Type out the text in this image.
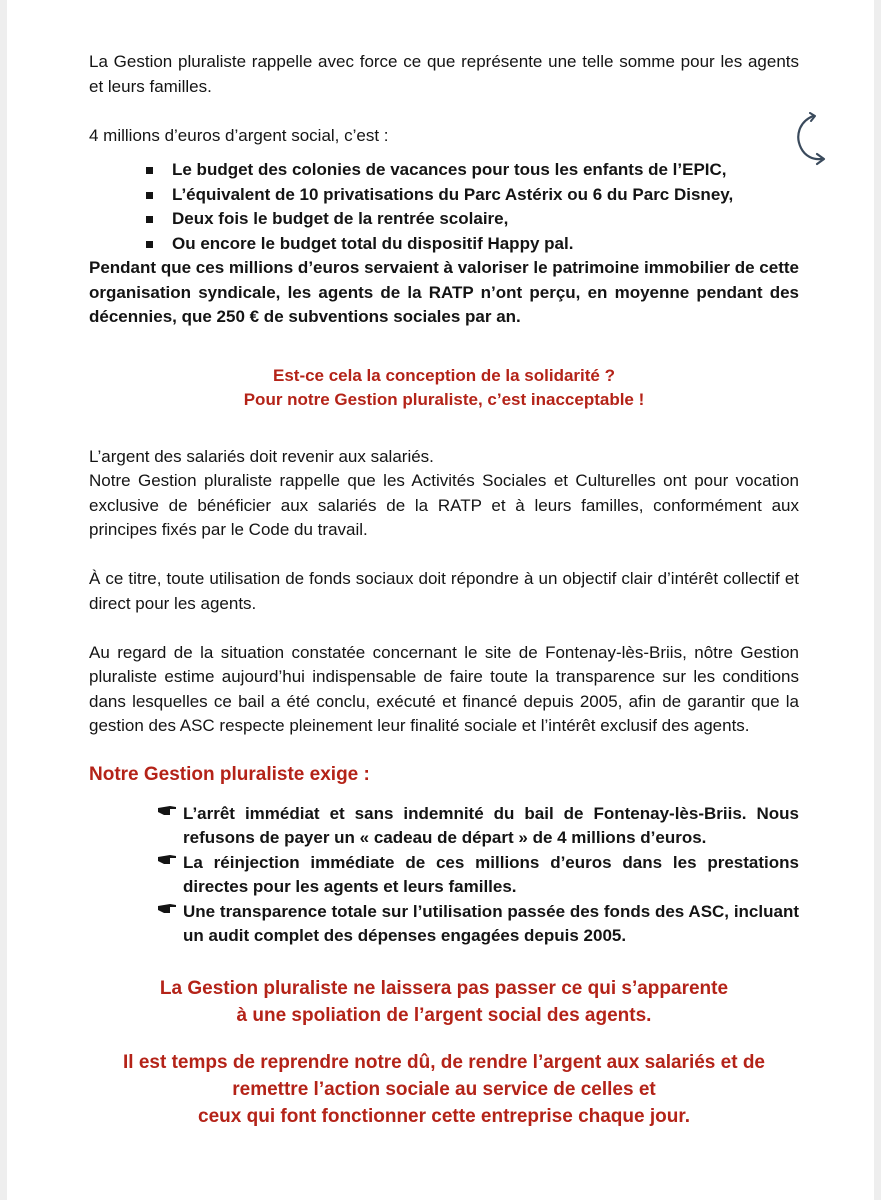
La Gestion pluraliste rappelle avec force ce que représente une telle somme pour les agents et leurs familles.

4 millions d’euros d’argent social, c’est :

Le budget des colonies de vacances pour tous les enfants de l’EPIC,
L’équivalent de 10 privatisations du Parc Astérix ou 6 du Parc Disney,
Deux fois le budget de la rentrée scolaire,
Ou encore le budget total du dispositif Happy pal.

Pendant que ces millions d’euros servaient à valoriser le patrimoine immobilier de cette organisation syndicale, les agents de la RATP n’ont perçu, en moyenne pendant des décennies, que 250 € de subventions sociales par an.

Est-ce cela la conception de la solidarité ?

Pour notre Gestion pluraliste, c’est inacceptable !

L’argent des salariés doit revenir aux salariés.

Notre Gestion pluraliste rappelle que les Activités Sociales et Culturelles ont pour vocation exclusive de bénéficier aux salariés de la RATP et à leurs familles, conformément aux principes fixés par le Code du travail.

À ce titre, toute utilisation de fonds sociaux doit répondre à un objectif clair d’intérêt collectif et direct pour les agents.

Au regard de la situation constatée concernant le site de Fontenay-lès-Briis, nôtre Gestion pluraliste estime aujourd’hui indispensable de faire toute la transparence sur les conditions dans lesquelles ce bail a été conclu, exécuté et financé depuis 2005, afin de garantir que la gestion des ASC respecte pleinement leur finalité sociale et l’intérêt exclusif des agents.

Notre Gestion pluraliste exige :

L’arrêt immédiat et sans indemnité du bail de Fontenay-lès-Briis. Nous refusons de payer un « cadeau de départ » de 4 millions d’euros.
La réinjection immédiate de ces millions d’euros dans les prestations directes pour les agents et leurs familles.
Une transparence totale sur l’utilisation passée des fonds des ASC, incluant un audit complet des dépenses engagées depuis 2005.

La Gestion pluraliste ne laissera pas passer ce qui s’apparente

à une spoliation de l’argent social des agents.

Il est temps de reprendre notre dû, de rendre l’argent aux salariés et de

remettre l’action sociale au service de celles et

ceux qui font fonctionner cette entreprise chaque jour.
